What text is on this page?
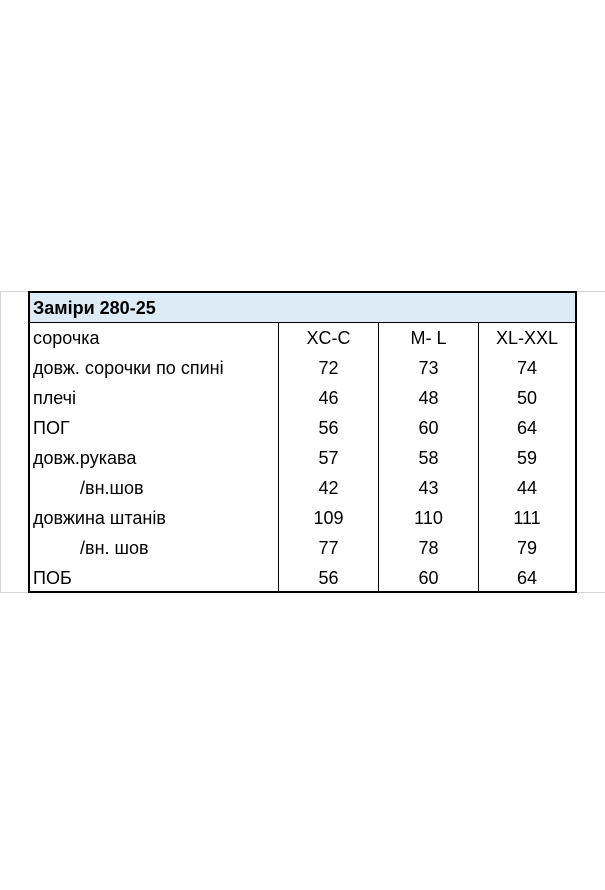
Заміри 280-25
сорочка	XC-C	M- L	XL-XXL
довж. сорочки по спині	72	73	74
плечі	46	48	50
ПОГ	56	60	64
довж.рукава	57	58	59
/вн.шов	42	43	44
довжина штанів	109	110	111
/вн. шов	77	78	79
ПОБ	56	60	64
